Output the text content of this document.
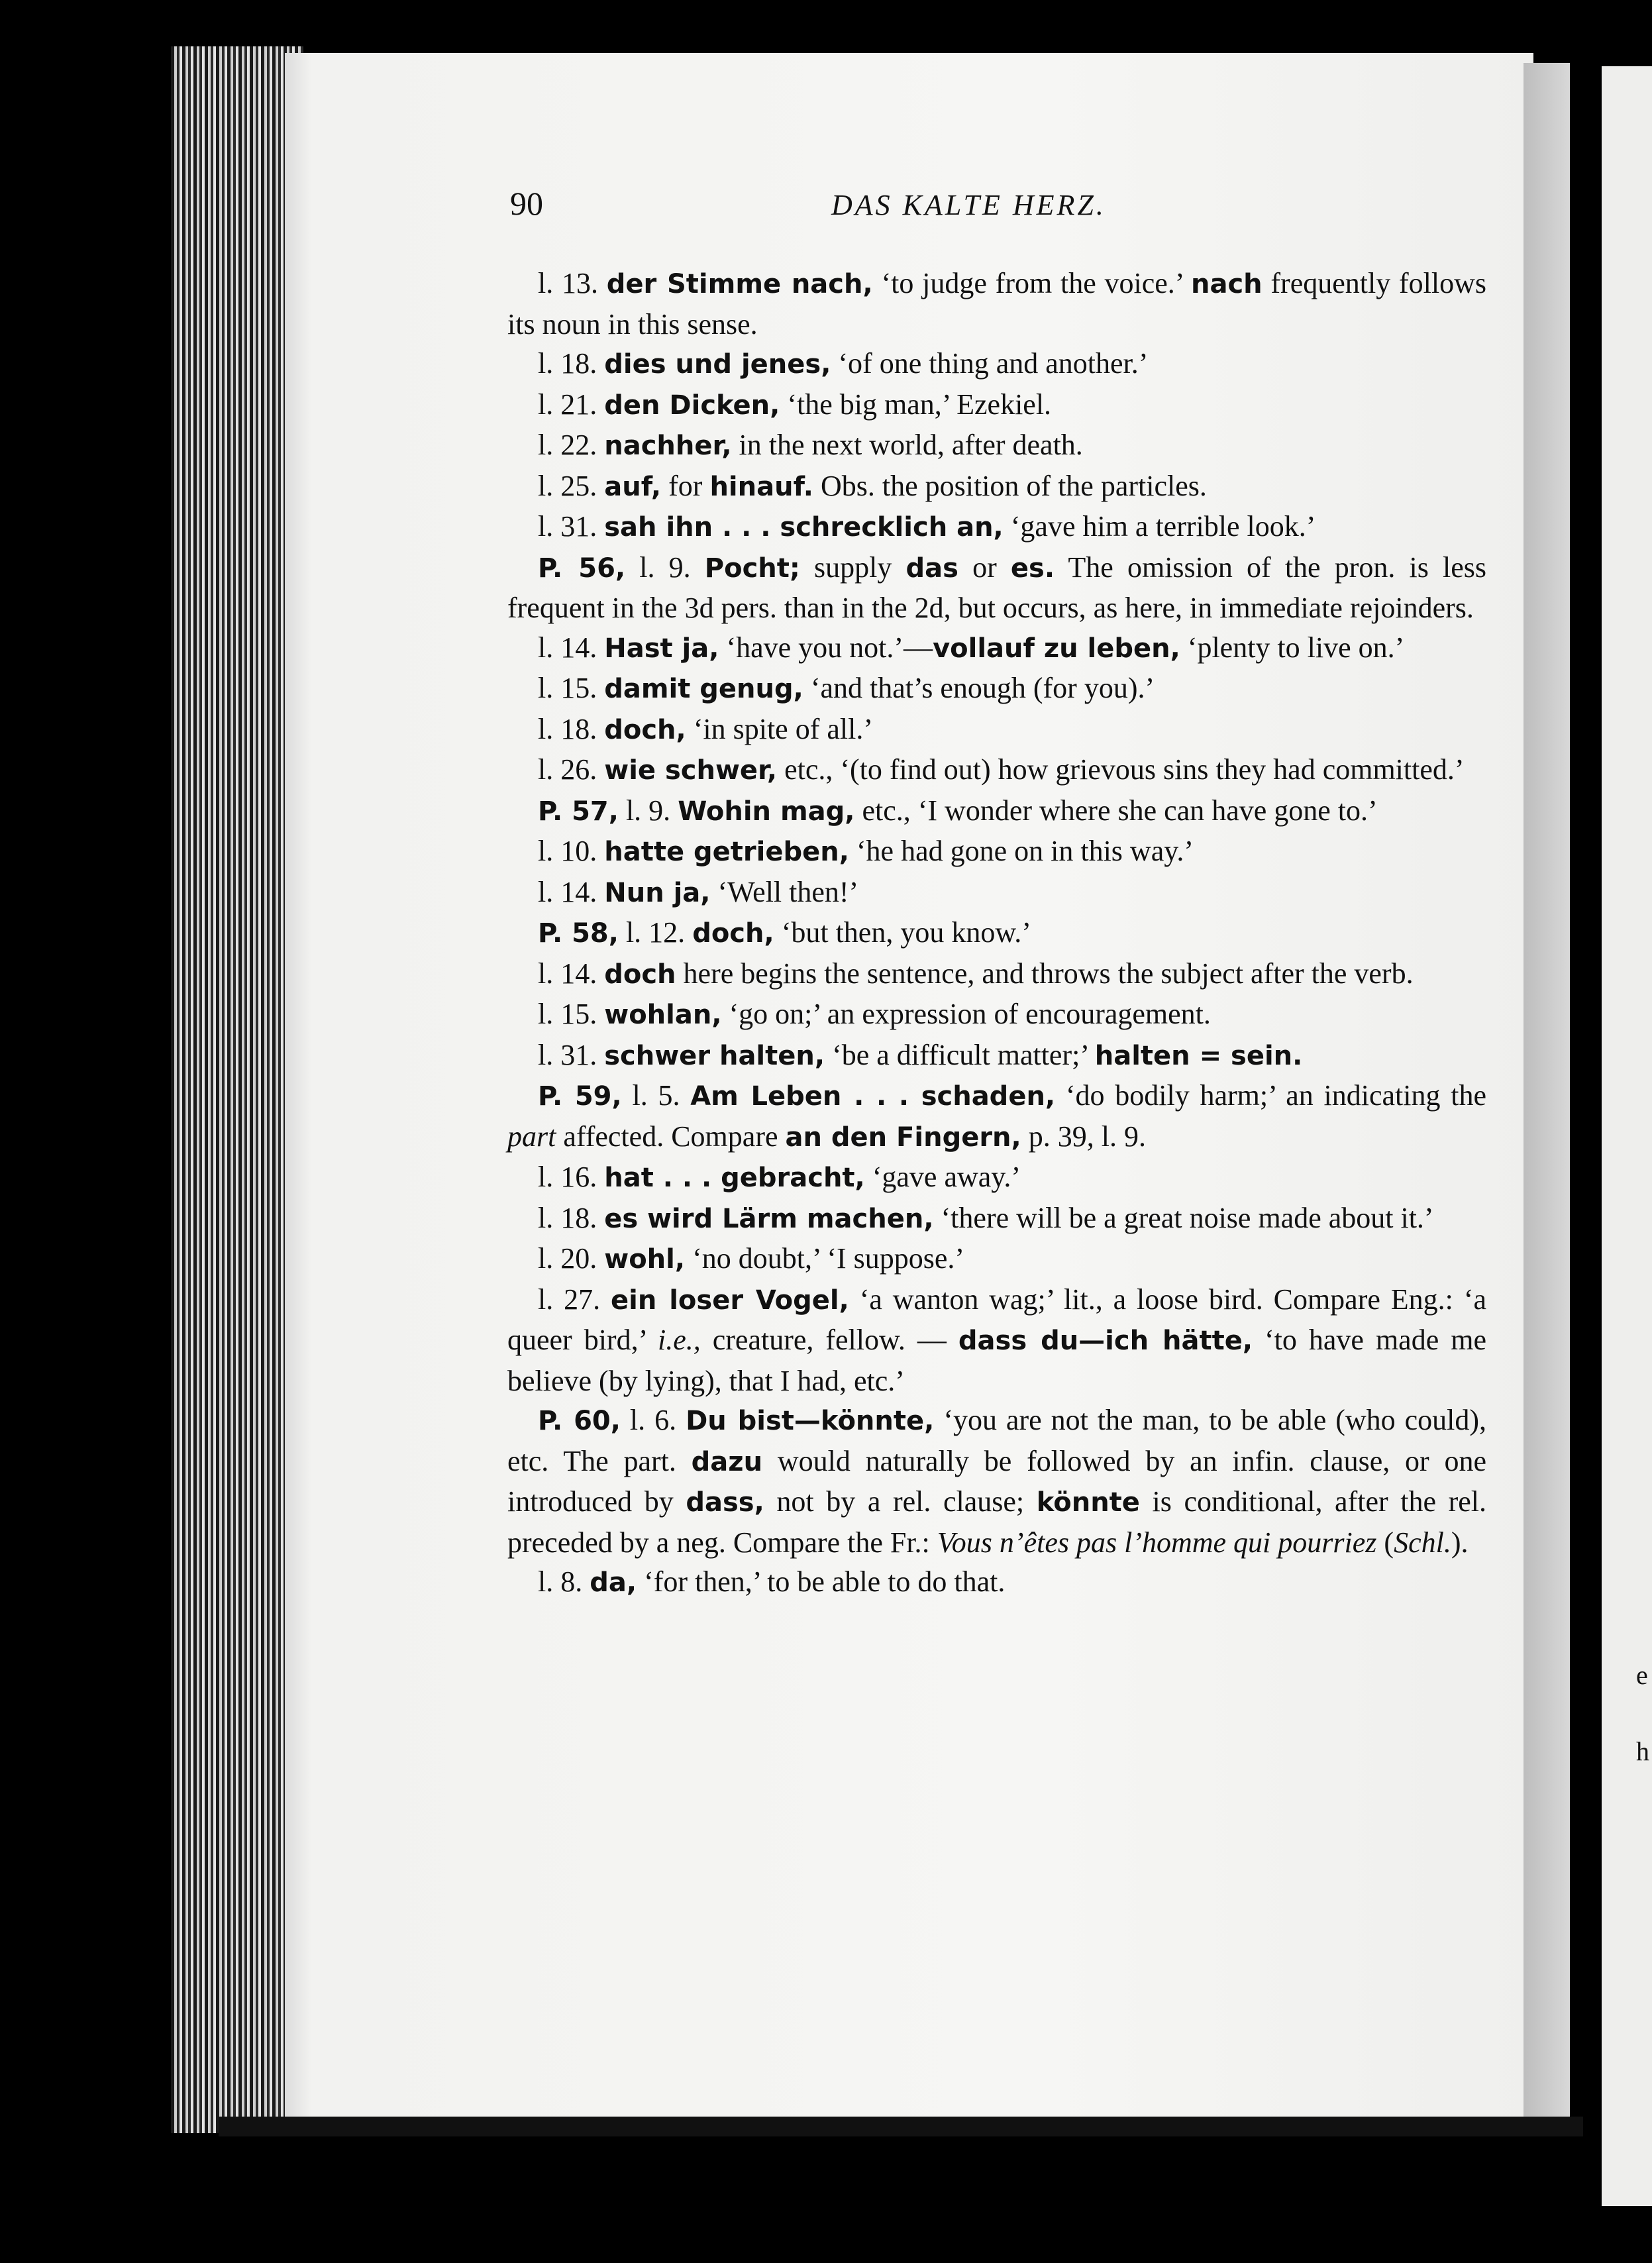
e
h
90	DAS KALTE HERZ.

l. 13. der Stimme nach, ‘to judge from the voice.’ nach frequently follows its noun in this sense.

l. 18. dies und jenes, ‘of one thing and another.’

l. 21. den Dicken, ‘the big man,’ Ezekiel.

l. 22. nachher, in the next world, after death.

l. 25. auf, for hinauf. Obs. the position of the particles.

l. 31. sah ihn . . . schrecklich an, ‘gave him a terrible look.’

P. 56, l. 9. Pocht; supply das or es. The omission of the pron. is less frequent in the 3d pers. than in the 2d, but occurs, as here, in immediate rejoinders.

l. 14. Hast ja, ‘have you not.’—vollauf zu leben, ‘plenty to live on.’

l. 15. damit genug, ‘and that’s enough (for you).’

l. 18. doch, ‘in spite of all.’

l. 26. wie schwer, etc., ‘(to find out) how grievous sins they had committed.’

P. 57, l. 9. Wohin mag, etc., ‘I wonder where she can have gone to.’

l. 10. hatte getrieben, ‘he had gone on in this way.’

l. 14. Nun ja, ‘Well then!’

P. 58, l. 12. doch, ‘but then, you know.’

l. 14. doch here begins the sentence, and throws the subject after the verb.

l. 15. wohlan, ‘go on;’ an expression of encouragement.

l. 31. schwer halten, ‘be a difficult matter;’ halten = sein.

P. 59, l. 5. Am Leben . . . schaden, ‘do bodily harm;’ an indicating the part affected. Compare an den Fingern, p. 39, l. 9.

l. 16. hat . . . gebracht, ‘gave away.’

l. 18. es wird Lärm machen, ‘there will be a great noise made about it.’

l. 20. wohl, ‘no doubt,’ ‘I suppose.’

l. 27. ein loser Vogel, ‘a wanton wag;’ lit., a loose bird. Compare Eng.: ‘a queer bird,’ i.e., creature, fellow. — dass du—ich hätte, ‘to have made me believe (by lying), that I had, etc.’

P. 60, l. 6. Du bist—könnte, ‘you are not the man, to be able (who could), etc. The part. dazu would naturally be followed by an infin. clause, or one introduced by dass, not by a rel. clause; könnte is conditional, after the rel. preceded by a neg. Compare the Fr.: Vous n’êtes pas l’homme qui pourriez (Schl.).

l. 8. da, ‘for then,’ to be able to do that.
